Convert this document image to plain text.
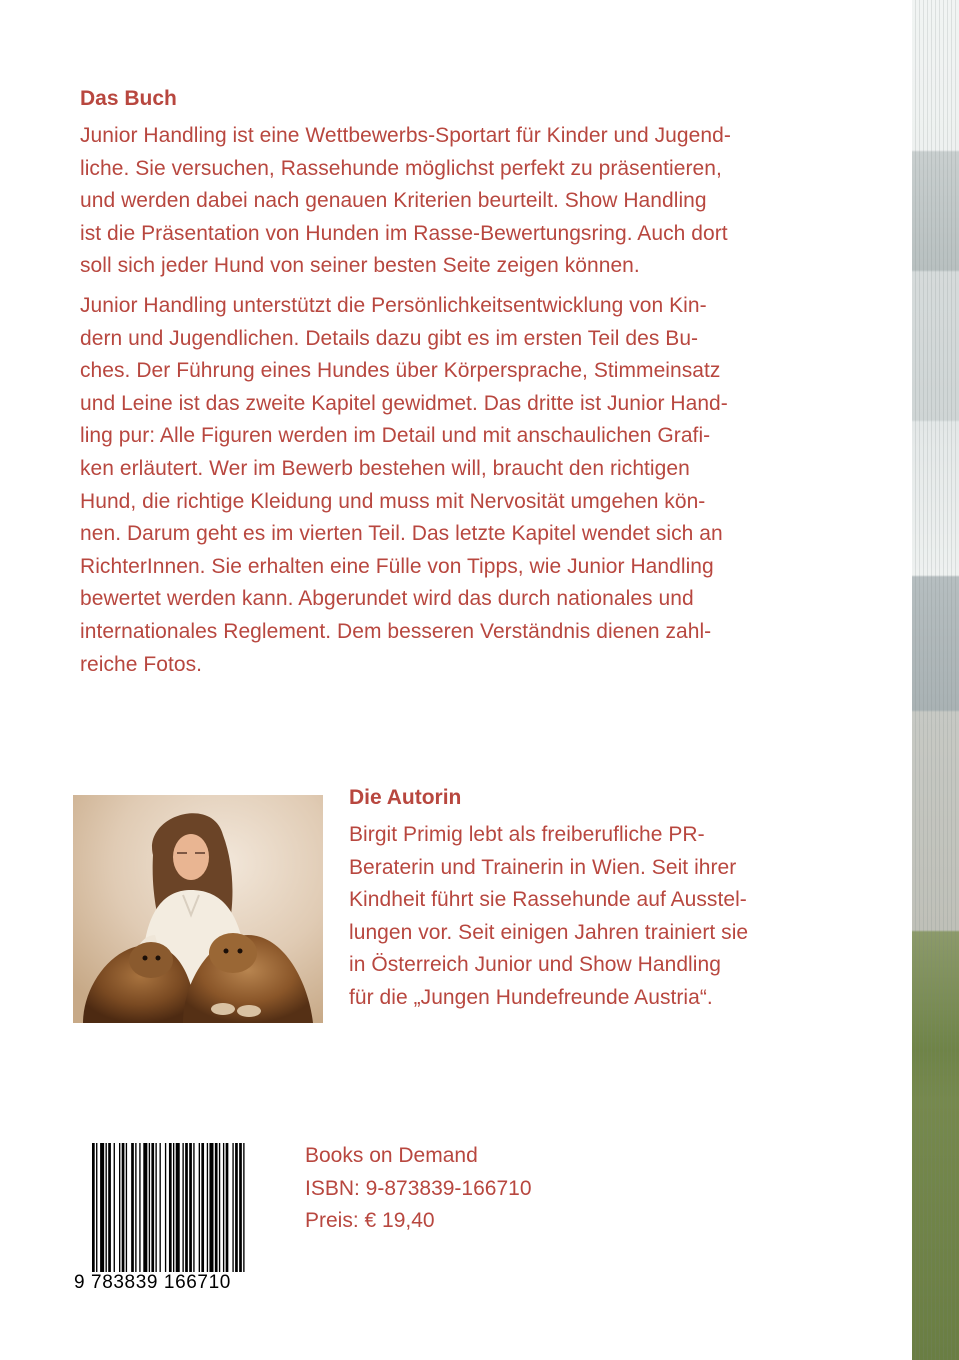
Das Buch
Junior Handling ist eine Wettbewerbs-Sportart für Kinder und Jugend-
liche. Sie versuchen, Rassehunde möglichst perfekt zu präsentieren,
und werden dabei nach genauen Kriterien beurteilt. Show Handling
ist die Präsentation von Hunden im Rasse-Bewertungsring. Auch dort
soll sich jeder Hund von seiner besten Seite zeigen können.
Junior Handling unterstützt die Persönlichkeitsentwicklung von Kin-
dern und Jugendlichen. Details dazu gibt es im ersten Teil des Bu-
ches. Der Führung eines Hundes über Körpersprache, Stimmeinsatz
und Leine ist das zweite Kapitel gewidmet. Das dritte ist Junior Hand-
ling pur: Alle Figuren werden im Detail und mit anschaulichen Grafi-
ken erläutert. Wer im Bewerb bestehen will, braucht den richtigen
Hund, die richtige Kleidung und muss mit Nervosität umgehen kön-
nen. Darum geht es im vierten Teil. Das letzte Kapitel wendet sich an
RichterInnen. Sie erhalten eine Fülle von Tipps, wie Junior Handling
bewertet werden kann. Abgerundet wird das durch nationales und
internationales Reglement. Dem besseren Verständnis dienen zahl-
reiche Fotos.
Die Autorin
Birgit Primig lebt als freiberufliche PR-
Beraterin und Trainerin in Wien. Seit ihrer
Kindheit führt sie Rassehunde auf Ausstel-
lungen vor. Seit einigen Jahren trainiert sie
in Österreich Junior und Show Handling
für die „Jungen Hundefreunde Austria“.
9 783839 166710
Books on Demand
ISBN: 9-873839-166710
Preis: € 19,40
